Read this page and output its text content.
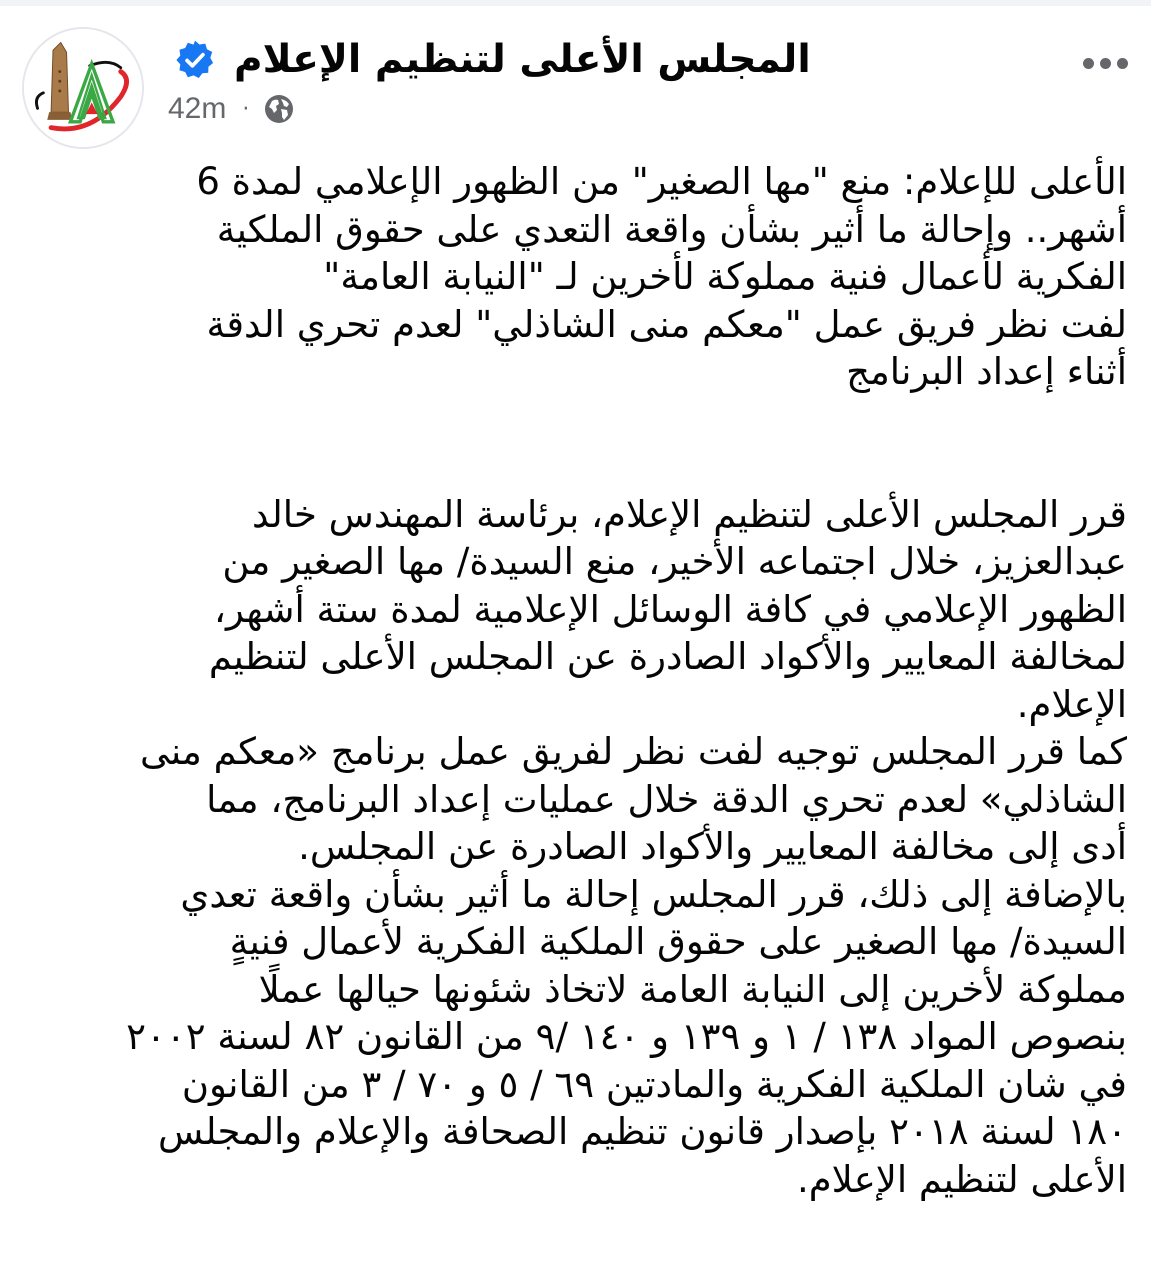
المجلس الأعلى لتنظيم الإعلام
42m ·
الأعلى للإعلام: منع "مها الصغير" من الظهور الإعلامي لمدة 6
أشهر.. وإحالة ما أثير بشأن واقعة التعدي على حقوق الملكية
الفكرية لأعمال فنية مملوكة لأخرين لـ "النيابة العامة"
لفت نظر فريق عمل "معكم منى الشاذلي" لعدم تحري الدقة
أثناء إعداد البرنامج
قرر المجلس الأعلى لتنظيم الإعلام، برئاسة المهندس خالد
عبدالعزيز، خلال اجتماعه الأخير، منع السيدة/ مها الصغير من
الظهور الإعلامي في كافة الوسائل الإعلامية لمدة ستة أشهر،
لمخالفة المعايير والأكواد الصادرة عن المجلس الأعلى لتنظيم
الإعلام.
كما قرر المجلس توجيه لفت نظر لفريق عمل برنامج «معكم منى
الشاذلي» لعدم تحري الدقة خلال عمليات إعداد البرنامج، مما
أدى إلى مخالفة المعايير والأكواد الصادرة عن المجلس.
بالإضافة إلى ذلك، قرر المجلس إحالة ما أثير بشأن واقعة تعدي
السيدة/ مها الصغير على حقوق الملكية الفكرية لأعمال فنيةٍ
مملوكة لأخرين إلى النيابة العامة لاتخاذ شئونها حيالها عملًا
بنصوص المواد ١٣٨ / ١ و ١٣٩ و ١٤٠ /٩ من القانون ٨٢ لسنة ٢٠٠٢
في شان الملكية الفكرية والمادتين ٦٩ / ٥ و ٧٠ / ٣ من القانون
١٨٠ لسنة ٢٠١٨ بإصدار قانون تنظيم الصحافة والإعلام والمجلس
الأعلى لتنظيم الإعلام.
